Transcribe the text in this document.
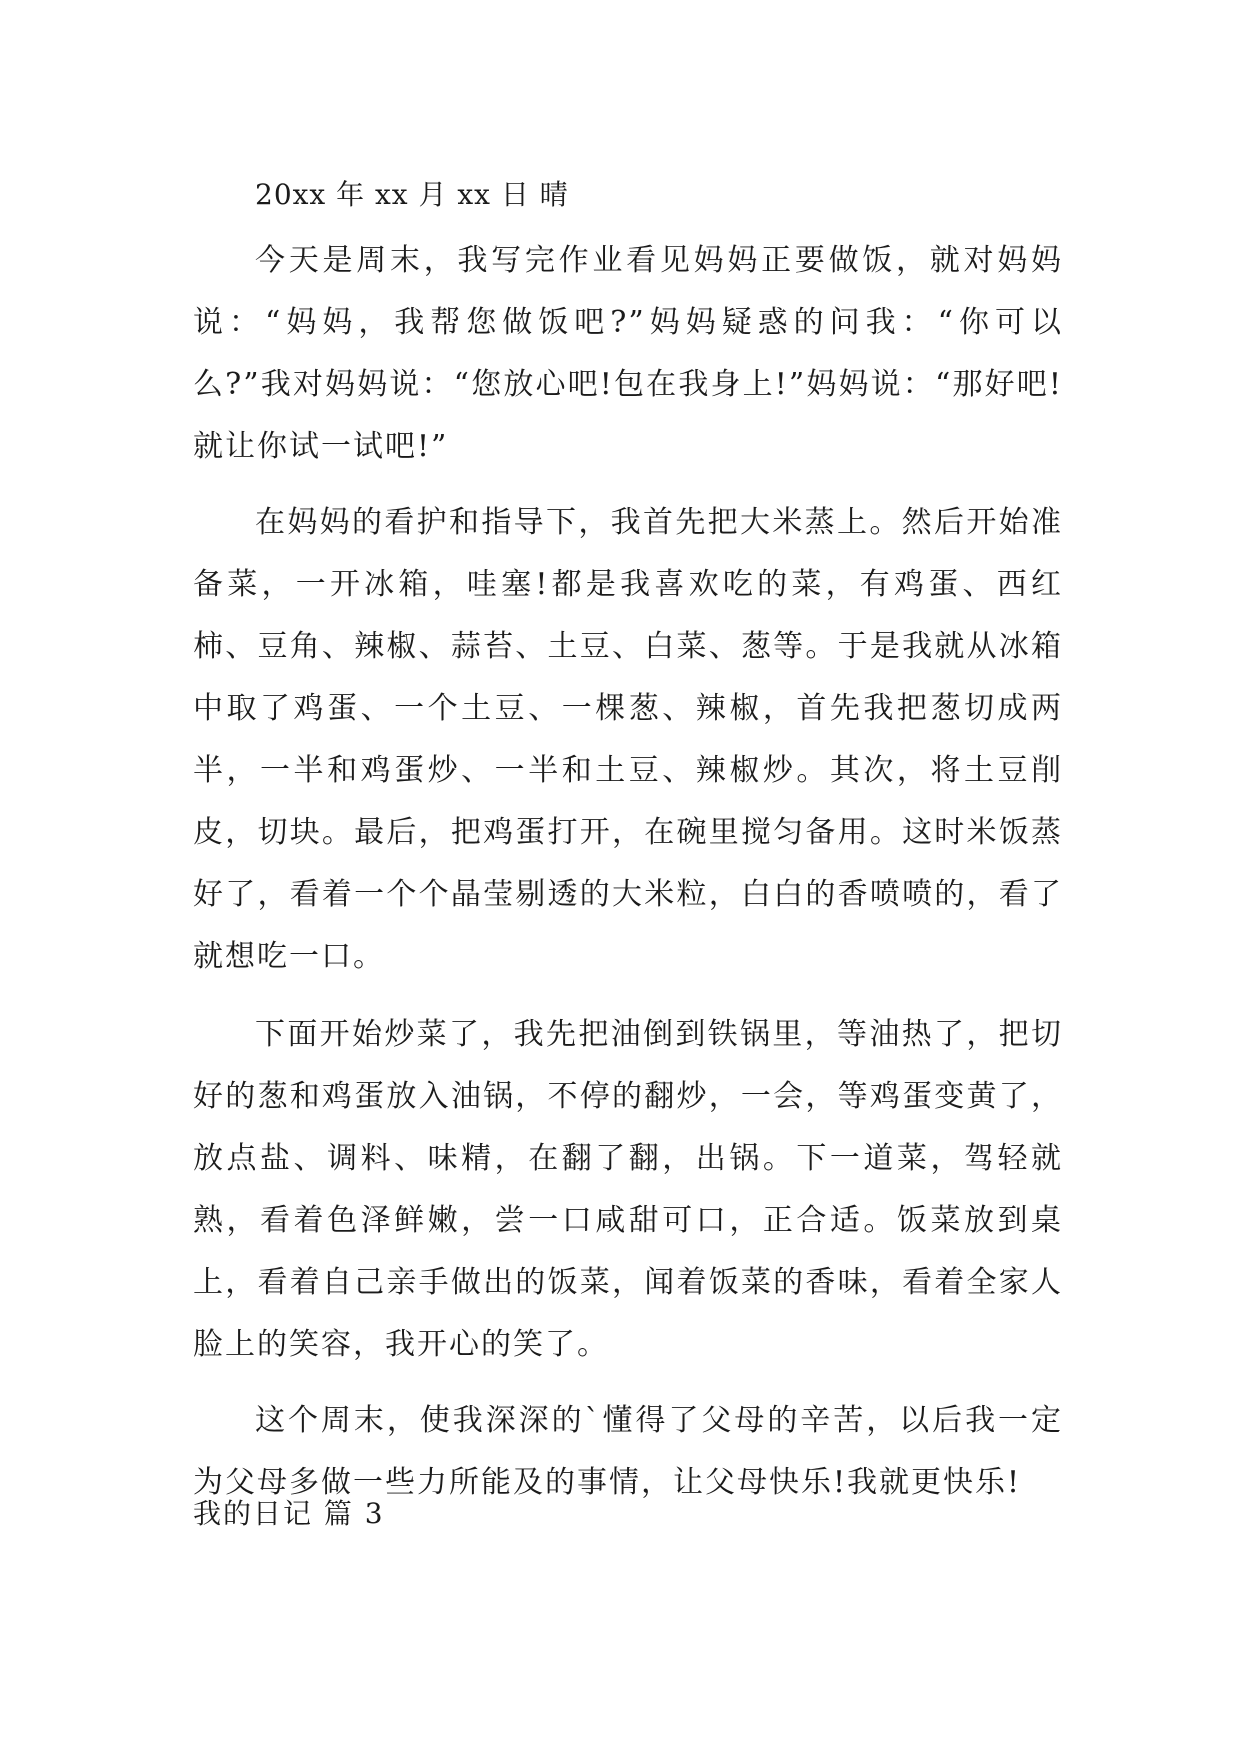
20xx 年 xx 月 xx 日 晴

今天是周末，我写完作业看见妈妈正要做饭，就对妈妈说：“妈妈，我帮您做饭吧?”妈妈疑惑的问我：“你可以么?”我对妈妈说：“您放心吧!包在我身上!”妈妈说：“那好吧!就让你试一试吧!”

在妈妈的看护和指导下，我首先把大米蒸上。然后开始准备菜，一开冰箱，哇塞!都是我喜欢吃的菜，有鸡蛋、西红柿、豆角、辣椒、蒜苔、土豆、白菜、葱等。于是我就从冰箱中取了鸡蛋、一个土豆、一棵葱、辣椒，首先我把葱切成两半，一半和鸡蛋炒、一半和土豆、辣椒炒。其次，将土豆削皮，切块。最后，把鸡蛋打开，在碗里搅匀备用。这时米饭蒸好了，看着一个个晶莹剔透的大米粒，白白的香喷喷的，看了就想吃一口。

下面开始炒菜了，我先把油倒到铁锅里，等油热了，把切好的葱和鸡蛋放入油锅，不停的翻炒，一会，等鸡蛋变黄了，放点盐、调料、味精，在翻了翻，出锅。下一道菜，驾轻就熟，看着色泽鲜嫩，尝一口咸甜可口，正合适。饭菜放到桌上，看着自己亲手做出的饭菜，闻着饭菜的香味，看着全家人脸上的笑容，我开心的笑了。

这个周末，使我深深的`懂得了父母的辛苦，以后我一定为父母多做一些力所能及的事情，让父母快乐!我就更快乐!

我的日记 篇 3
